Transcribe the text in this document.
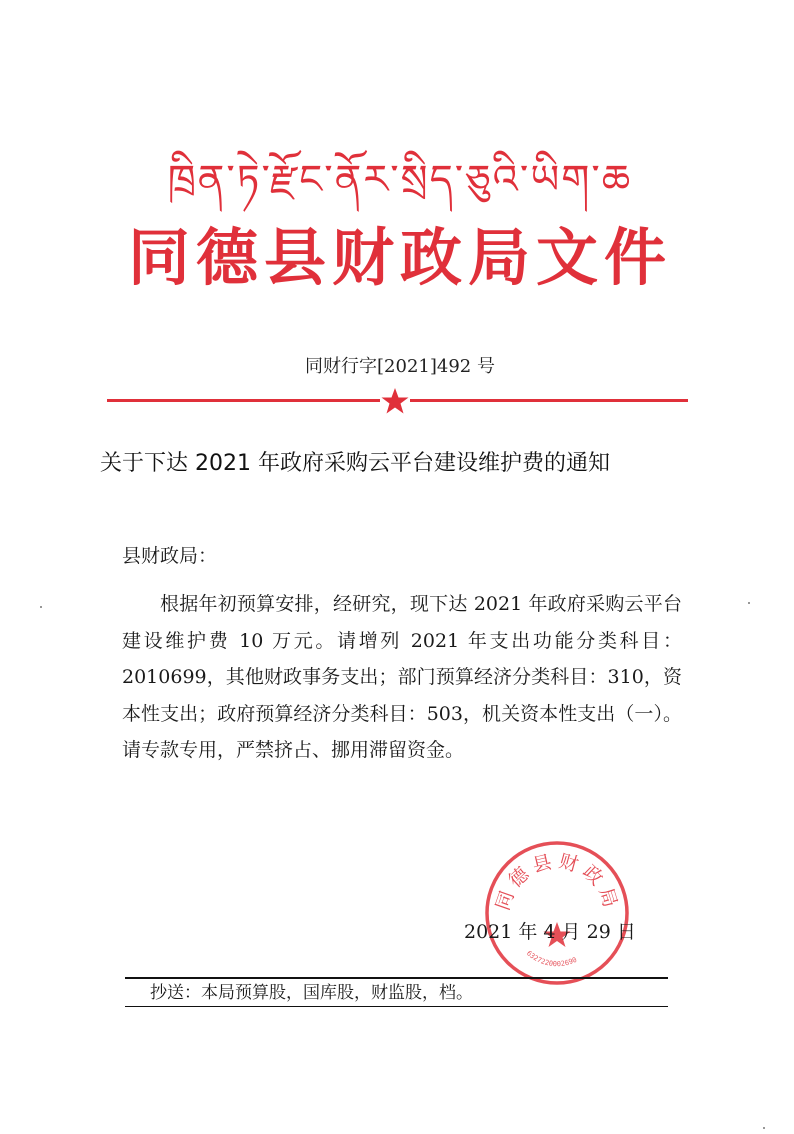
ཁྲིན་ཏེ་རྫོང་ནོར་སྲིད་ཅུའི་ཡིག་ཆ
同德县财政局文件
同财行字[2021]492 号
关于下达 2021 年政府采购云平台建设维护费的通知
县财政局：
根据年初预算安排，经研究，现下达 2021 年政府采购云平台建设维护费 10 万元。请增列 2021 年支出功能分类科目：2010699，其他财政事务支出；部门预算经济分类科目：310，资本性支出；政府预算经济分类科目：503，机关资本性支出（一）。请专款专用，严禁挤占、挪用滞留资金。
同德县财政局
6327220002690
2021 年 4 月 29 日
抄送：本局预算股，国库股，财监股，档。
